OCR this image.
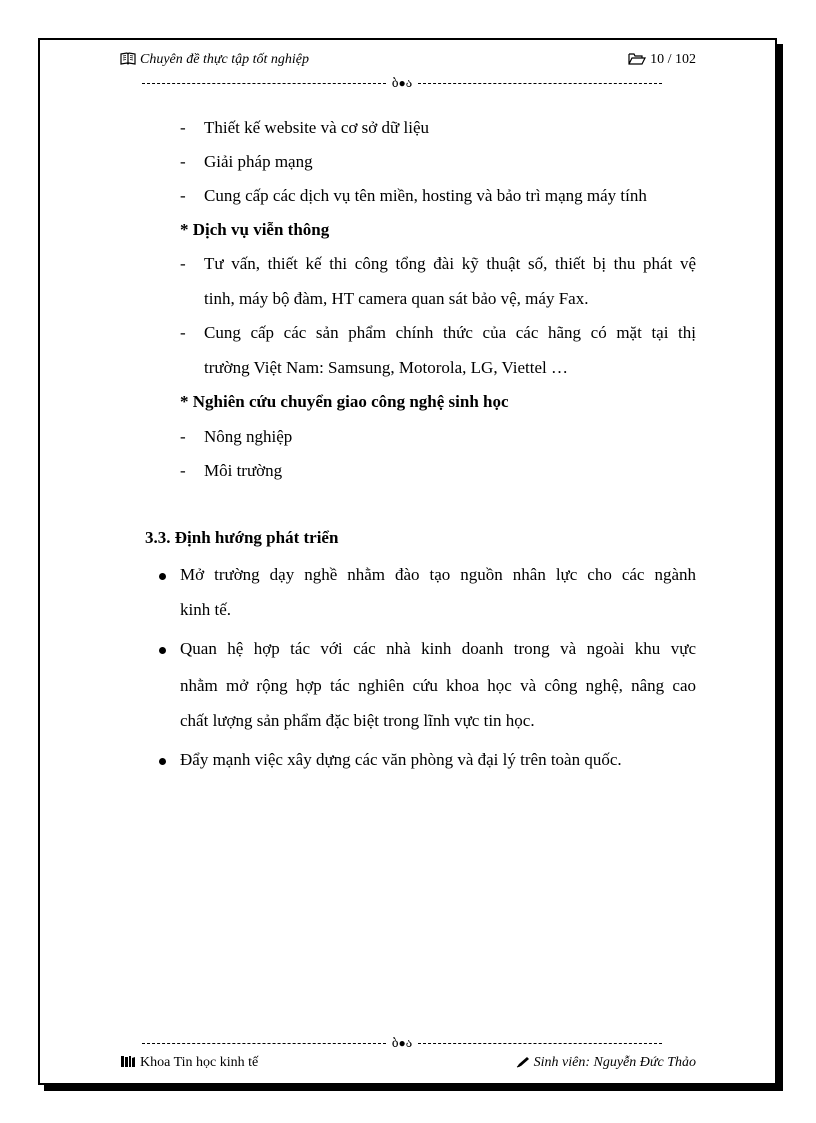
Chuyên đề thực tập tốt nghiệp	10 / 102
ბ●ა
- Thiết kế website và cơ sở dữ liệu
- Giải pháp mạng
- Cung cấp các dịch vụ tên miền, hosting và bảo trì mạng máy tính
* Dịch vụ viễn thông
- Tư vấn, thiết kế thi công tổng đài kỹ thuật số, thiết bị thu phát vệ
tinh, máy bộ đàm, HT camera quan sát bảo vệ, máy Fax.
- Cung cấp các sản phẩm chính thức của các hãng có mặt tại thị
trường Việt Nam: Samsung, Motorola, LG, Viettel …
* Nghiên cứu chuyển giao công nghệ sinh học
- Nông nghiệp
- Môi trường
3.3. Định hướng phát triển
Mở trường dạy nghề nhằm đào tạo nguồn nhân lực cho các ngành
kinh tế.
Quan hệ hợp tác với các nhà kinh doanh trong và ngoài khu vực
nhằm mở rộng hợp tác nghiên cứu khoa học và công nghệ, nâng cao
chất lượng sản phẩm đặc biệt trong lĩnh vực tin học.
Đẩy mạnh việc xây dựng các văn phòng và đại lý trên toàn quốc.
ბ●ა
Khoa Tin học kinh tế	Sinh viên: Nguyễn Đức Thảo
